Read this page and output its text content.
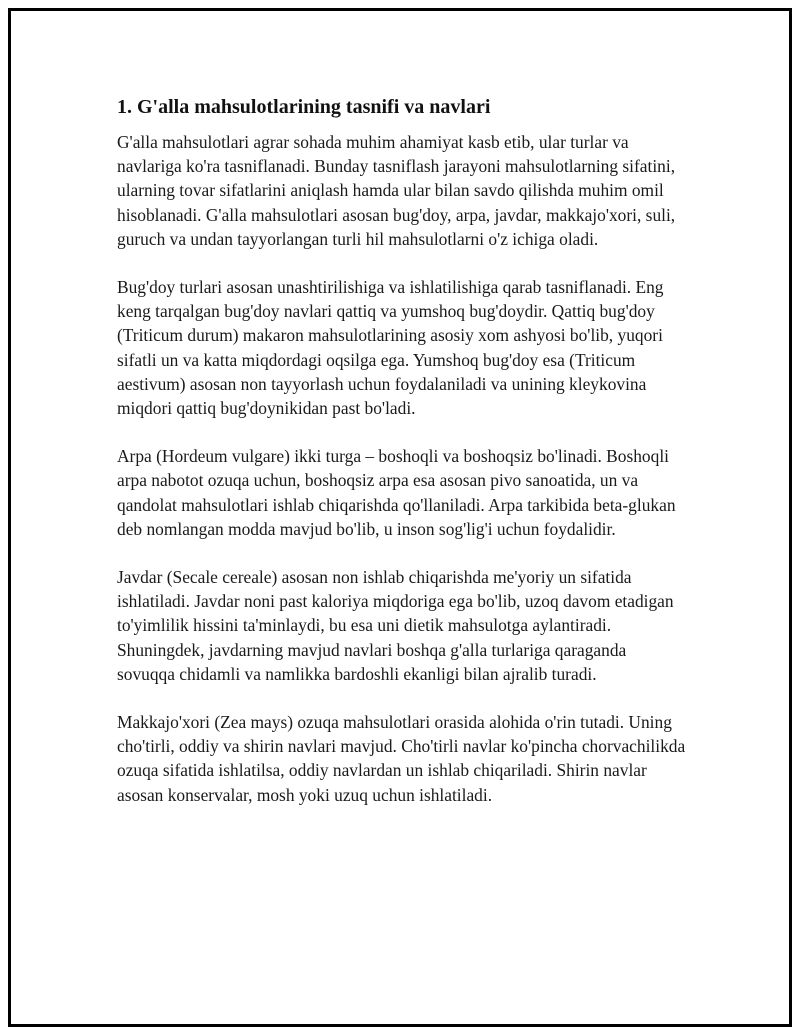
1. G'alla mahsulotlarining tasnifi va navlari

G'alla mahsulotlari agrar sohada muhim ahamiyat kasb etib, ular turlar va navlariga ko'ra tasniflanadi. Bunday tasniflash jarayoni mahsulotlarning sifatini, ularning tovar sifatlarini aniqlash hamda ular bilan savdo qilishda muhim omil hisoblanadi. G'alla mahsulotlari asosan bug'doy, arpa, javdar, makkajo'xori, suli, guruch va undan tayyorlangan turli hil mahsulotlarni o'z ichiga oladi.

Bug'doy turlari asosan unashtirilishiga va ishlatilishiga qarab tasniflanadi. Eng keng tarqalgan bug'doy navlari qattiq va yumshoq bug'doydir. Qattiq bug'doy (Triticum durum) makaron mahsulotlarining asosiy xom ashyosi bo'lib, yuqori sifatli un va katta miqdordagi oqsilga ega. Yumshoq bug'doy esa (Triticum aestivum) asosan non tayyorlash uchun foydalaniladi va unining kleykovina miqdori qattiq bug'doynikidan past bo'ladi.

Arpa (Hordeum vulgare) ikki turga – boshoqli va boshoqsiz bo'linadi. Boshoqli arpa nabotot ozuqa uchun, boshoqsiz arpa esa asosan pivo sanoatida, un va qandolat mahsulotlari ishlab chiqarishda qo'llaniladi. Arpa tarkibida beta-glukan deb nomlangan modda mavjud bo'lib, u inson sog'lig'i uchun foydalidir.

Javdar (Secale cereale) asosan non ishlab chiqarishda me'yoriy un sifatida ishlatiladi. Javdar noni past kaloriya miqdoriga ega bo'lib, uzoq davom etadigan to'yimlilik hissini ta'minlaydi, bu esa uni dietik mahsulotga aylantiradi. Shuningdek, javdarning mavjud navlari boshqa g'alla turlariga qaraganda sovuqqa chidamli va namlikka bardoshli ekanligi bilan ajralib turadi.

Makkajo'xori (Zea mays) ozuqa mahsulotlari orasida alohida o'rin tutadi. Uning cho'tirli, oddiy va shirin navlari mavjud. Cho'tirli navlar ko'pincha chorvachilikda ozuqa sifatida ishlatilsa, oddiy navlardan un ishlab chiqariladi. Shirin navlar asosan konservalar, mosh yoki uzuq uchun ishlatiladi.
